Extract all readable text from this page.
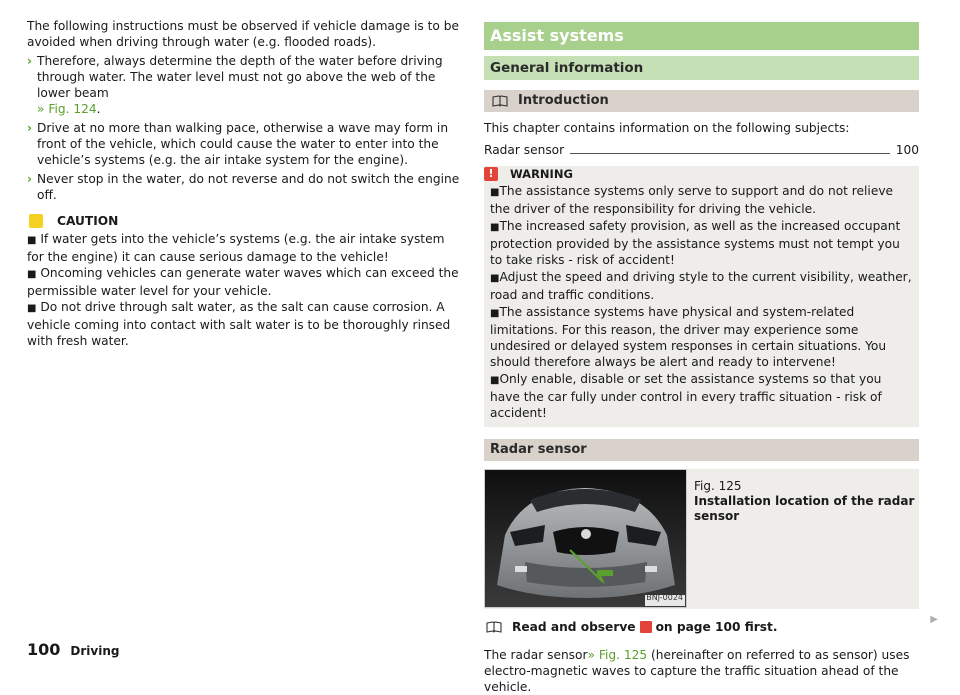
The following instructions must be observed if vehicle damage is to be avoided when driving through water (e.g. flooded roads).

› Therefore, always determine the depth of the water before driving through water. The water level must not go above the web of the lower beam
» Fig. 124.
› Drive at no more than walking pace, otherwise a wave may form in front of the vehicle, which could cause the water to enter into the vehicle’s systems (e.g. the air intake system for the engine).
› Never stop in the water, do not reverse and do not switch the engine off.
CAUTION

■ If water gets into the vehicle’s systems (e.g. the air intake system for the engine) it can cause serious damage to the vehicle!

■ Oncoming vehicles can generate water waves which can exceed the permissible water level for your vehicle.

■ Do not drive through salt water, as the salt can cause corrosion. A vehicle coming into contact with salt water is to be thoroughly rinsed with fresh water.

Assist systems
General information
Introduction

This chapter contains information on the following subjects:

Radar sensor	100
!	WARNING

■The assistance systems only serve to support and do not relieve the driver of the responsibility for driving the vehicle.

■The increased safety provision, as well as the increased occupant protection provided by the assistance systems must not tempt you to take risks - risk of accident!

■Adjust the speed and driving style to the current visibility, weather, road and traffic conditions.

■The assistance systems have physical and system-related limitations. For this reason, the driver may experience some undesired or delayed system responses in certain situations. You should therefore always be alert and ready to intervene!

■Only enable, disable or set the assistance systems so that you have the car fully under control in every traffic situation - risk of accident!

Radar sensor
BNJ-0024
Fig. 125
Installation location of the radar sensor
Read and observe on page 100 first.

The radar sensor» Fig. 125 (hereinafter on referred to as sensor) uses electro-magnetic waves to capture the traffic situation ahead of the vehicle.

▶
100 Driving
